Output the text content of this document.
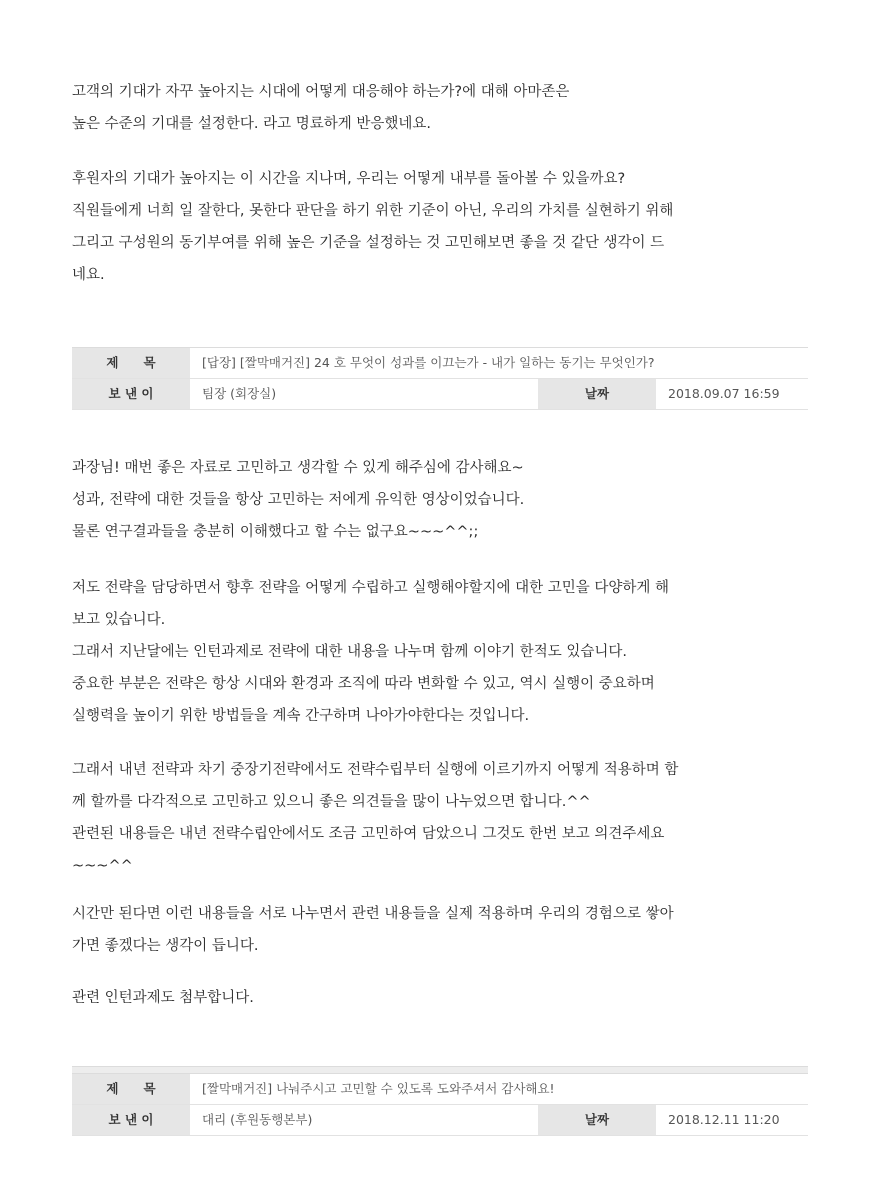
고객의 기대가 자꾸 높아지는 시대에 어떻게 대응해야 하는가?에 대해 아마존은
높은 수준의 기대를 설정한다. 라고 명료하게 반응했네요.
후원자의 기대가 높아지는 이 시간을 지나며, 우리는 어떻게 내부를 돌아볼 수 있을까요?
직원들에게 너희 일 잘한다, 못한다 판단을 하기 위한 기준이 아닌, 우리의 가치를 실현하기 위해
그리고 구성원의 동기부여를 위해 높은 기준을 설정하는 것 고민해보면 좋을 것 같단 생각이 드
네요.
제　　목	[답장] [짤막매거진] 24 호 무엇이 성과를 이끄는가 - 내가 일하는 동기는 무엇인가?
보 낸 이	팀장 (회장실)	날짜	2018.09.07 16:59
과장님! 매번 좋은 자료로 고민하고 생각할 수 있게 해주심에 감사해요~
성과, 전략에 대한 것들을 항상 고민하는 저에게 유익한 영상이었습니다.
물론 연구결과들을 충분히 이해했다고 할 수는 없구요~~~^^;;
저도 전략을 담당하면서 향후 전략을 어떻게 수립하고 실행해야할지에 대한 고민을 다양하게 해
보고 있습니다.
그래서 지난달에는 인턴과제로 전략에 대한 내용을 나누며 함께 이야기 한적도 있습니다.
중요한 부분은 전략은 항상 시대와 환경과 조직에 따라 변화할 수 있고, 역시 실행이 중요하며
실행력을 높이기 위한 방법들을 계속 간구하며 나아가야한다는 것입니다.
그래서 내년 전략과 차기 중장기전략에서도 전략수립부터 실행에 이르기까지 어떻게 적용하며 함
께 할까를 다각적으로 고민하고 있으니 좋은 의견들을 많이 나누었으면 합니다.^^
관련된 내용들은 내년 전략수립안에서도 조금 고민하여 담았으니 그것도 한번 보고 의견주세요
~~~^^
시간만 된다면 이런 내용들을 서로 나누면서 관련 내용들을 실제 적용하며 우리의 경험으로 쌓아
가면 좋겠다는 생각이 듭니다.
관련 인턴과제도 첨부합니다.
제　　목	[짤막매거진] 나눠주시고 고민할 수 있도록 도와주셔서 감사해요!
보 낸 이	대리 (후원동행본부)	날짜	2018.12.11 11:20
